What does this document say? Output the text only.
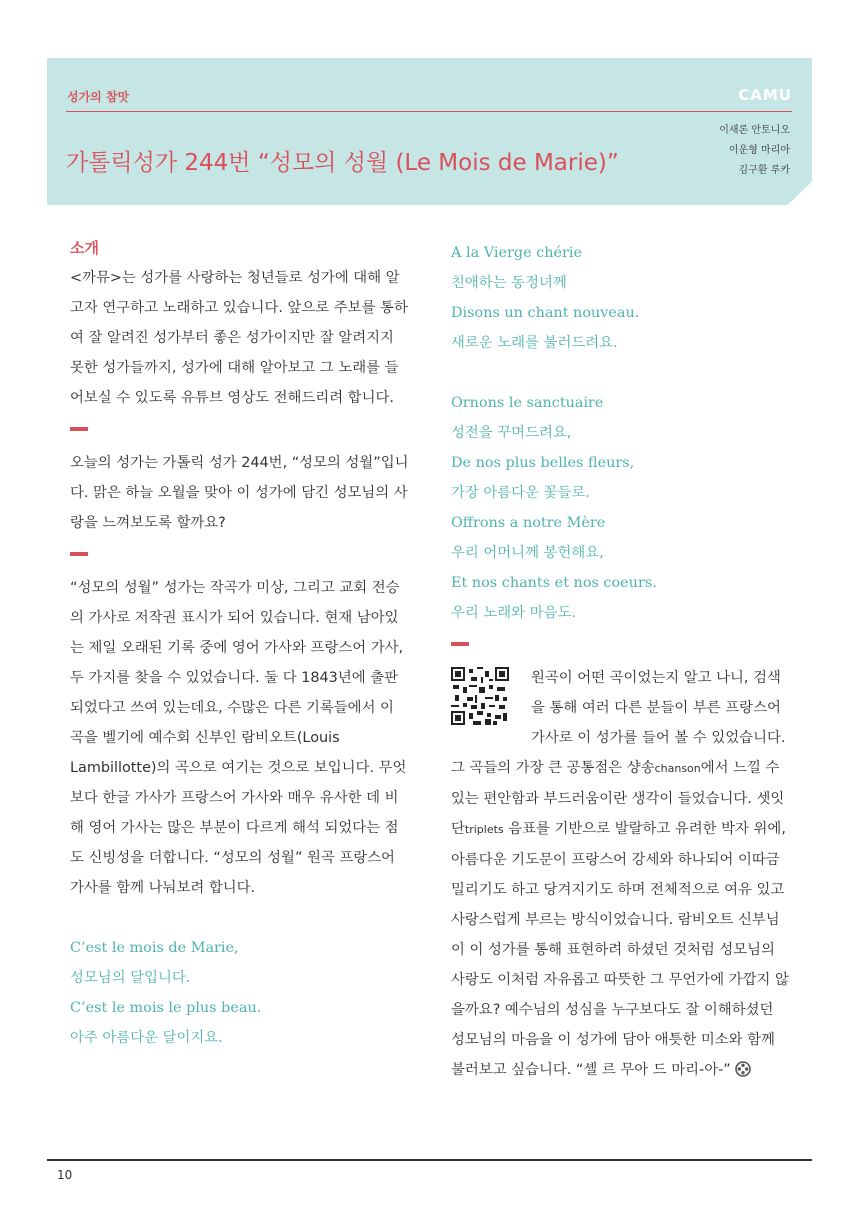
성가의 참맛	CAMU
가톨릭성가 244번 “성모의 성월 (Le Mois de Marie)”
이새론 안토니오
이운형 마리아
김구환 루카
소개

<까뮤>는 성가를 사랑하는 청년들로 성가에 대해 알고자 연구하고 노래하고 있습니다. 앞으로 주보를 통하여 잘 알려진 성가부터 좋은 성가이지만 잘 알려지지 못한 성가들까지, 성가에 대해 알아보고 그 노래를 들어보실 수 있도록 유튜브 영상도 전해드리려 합니다.

오늘의 성가는 가톨릭 성가 244번, “성모의 성월”입니다. 맑은 하늘 오월을 맞아 이 성가에 담긴 성모님의 사랑을 느껴보도록 할까요?

“성모의 성월” 성가는 작곡가 미상, 그리고 교회 전승의 가사로 저작권 표시가 되어 있습니다. 현재 남아있는 제일 오래된 기록 중에 영어 가사와 프랑스어 가사, 두 가지를 찾을 수 있었습니다. 둘 다 1843년에 출판되었다고 쓰여 있는데요, 수많은 다른 기록들에서 이 곡을 벨기에 예수회 신부인 람비오트(Louis Lambillotte)의 곡으로 여기는 것으로 보입니다. 무엇보다 한글 가사가 프랑스어 가사와 매우 유사한 데 비해 영어 가사는 많은 부분이 다르게 해석 되었다는 점도 신빙성을 더합니다. “성모의 성월” 원곡 프랑스어 가사를 함께 나눠보려 합니다.

C’est le mois de Marie,
성모님의 달입니다.
C’est le mois le plus beau.
아주 아름다운 달이지요.
A la Vierge chérie
친애하는 동정녀께
Disons un chant nouveau.
새로운 노래를 불러드려요.
Ornons le sanctuaire
성전을 꾸며드려요,
De nos plus belles fleurs,
가장 아름다운 꽃들로.
Offrons a notre Mère
우리 어머니께 봉헌해요,
Et nos chants et nos coeurs.
우리 노래와 마음도.

원곡이 어떤 곡이었는지 알고 나니, 검색을 통해 여러 다른 분들이 부른 프랑스어 가사로 이 성가를 들어 볼 수 있었습니다. 그 곡들의 가장 큰 공통점은 샹송chanson에서 느낄 수 있는 편안함과 부드러움이란 생각이 들었습니다. 셋잇단triplets 음표를 기반으로 발랄하고 유려한 박자 위에, 아름다운 기도문이 프랑스어 강세와 하나되어 이따금 밀리기도 하고 당겨지기도 하며 전체적으로 여유 있고 사랑스럽게 부르는 방식이었습니다. 람비오트 신부님이 이 성가를 통해 표현하려 하셨던 것처럼 성모님의 사랑도 이처럼 자유롭고 따뜻한 그 무언가에 가깝지 않을까요? 예수님의 성심을 누구보다도 잘 이해하셨던 성모님의 마음을 이 성가에 담아 애틋한 미소와 함께 불러보고 싶습니다. “셸 르 무아 드 마리-아-”

10
